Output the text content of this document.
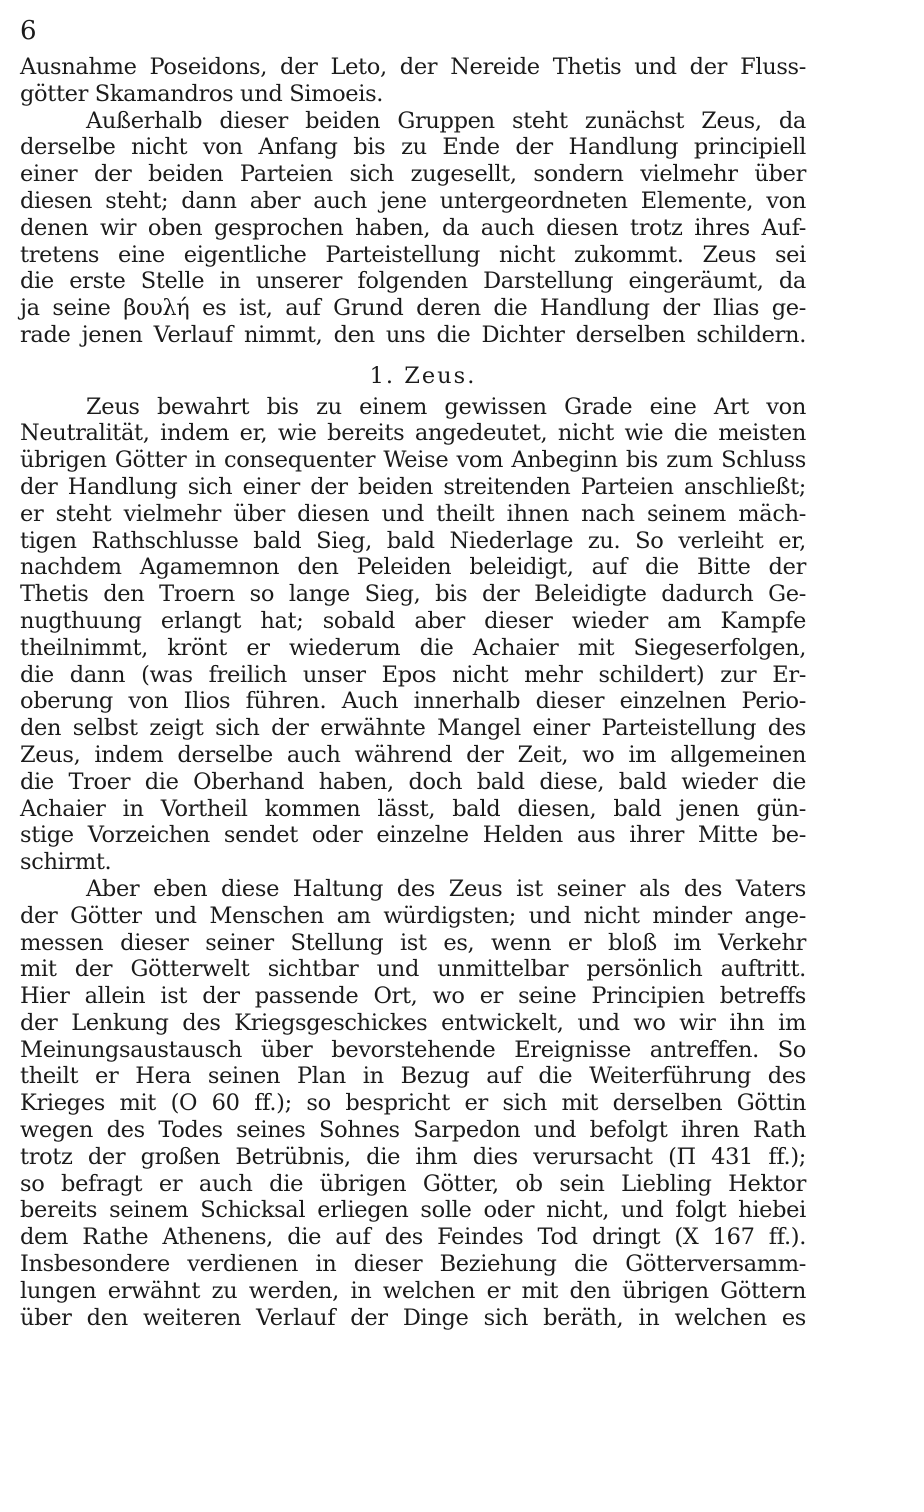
6
Ausnahme Poseidons, der Leto, der Nereide Thetis und der Fluss-
götter Skamandros und Simoeis.
Außerhalb dieser beiden Gruppen steht zunächst Zeus, da
derselbe nicht von Anfang bis zu Ende der Handlung principiell
einer der beiden Parteien sich zugesellt, sondern vielmehr über
diesen steht; dann aber auch jene untergeordneten Elemente, von
denen wir oben gesprochen haben, da auch diesen trotz ihres Auf-
tretens eine eigentliche Parteistellung nicht zukommt. Zeus sei
die erste Stelle in unserer folgenden Darstellung eingeräumt, da
ja seine βουλή es ist, auf Grund deren die Handlung der Ilias ge-
rade jenen Verlauf nimmt, den uns die Dichter derselben schildern.
1. Zeus.
Zeus bewahrt bis zu einem gewissen Grade eine Art von
Neutralität, indem er, wie bereits angedeutet, nicht wie die meisten
übrigen Götter in consequenter Weise vom Anbeginn bis zum Schluss
der Handlung sich einer der beiden streitenden Parteien anschließt;
er steht vielmehr über diesen und theilt ihnen nach seinem mäch-
tigen Rathschlusse bald Sieg, bald Niederlage zu. So verleiht er,
nachdem Agamemnon den Peleiden beleidigt, auf die Bitte der
Thetis den Troern so lange Sieg, bis der Beleidigte dadurch Ge-
nugthuung erlangt hat; sobald aber dieser wieder am Kampfe
theilnimmt, krönt er wiederum die Achaier mit Siegeserfolgen,
die dann (was freilich unser Epos nicht mehr schildert) zur Er-
oberung von Ilios führen. Auch innerhalb dieser einzelnen Perio-
den selbst zeigt sich der erwähnte Mangel einer Parteistellung des
Zeus, indem derselbe auch während der Zeit, wo im allgemeinen
die Troer die Oberhand haben, doch bald diese, bald wieder die
Achaier in Vortheil kommen lässt, bald diesen, bald jenen gün-
stige Vorzeichen sendet oder einzelne Helden aus ihrer Mitte be-
schirmt.
Aber eben diese Haltung des Zeus ist seiner als des Vaters
der Götter und Menschen am würdigsten; und nicht minder ange-
messen dieser seiner Stellung ist es, wenn er bloß im Verkehr
mit der Götterwelt sichtbar und unmittelbar persönlich auftritt.
Hier allein ist der passende Ort, wo er seine Principien betreffs
der Lenkung des Kriegsgeschickes entwickelt, und wo wir ihn im
Meinungsaustausch über bevorstehende Ereignisse antreffen. So
theilt er Hera seinen Plan in Bezug auf die Weiterführung des
Krieges mit (O 60 ff.); so bespricht er sich mit derselben Göttin
wegen des Todes seines Sohnes Sarpedon und befolgt ihren Rath
trotz der großen Betrübnis, die ihm dies verursacht (Π 431 ff.);
so befragt er auch die übrigen Götter, ob sein Liebling Hektor
bereits seinem Schicksal erliegen solle oder nicht, und folgt hiebei
dem Rathe Athenens, die auf des Feindes Tod dringt (X 167 ff.).
Insbesondere verdienen in dieser Beziehung die Götterversamm-
lungen erwähnt zu werden, in welchen er mit den übrigen Göttern
über den weiteren Verlauf der Dinge sich beräth, in welchen es
